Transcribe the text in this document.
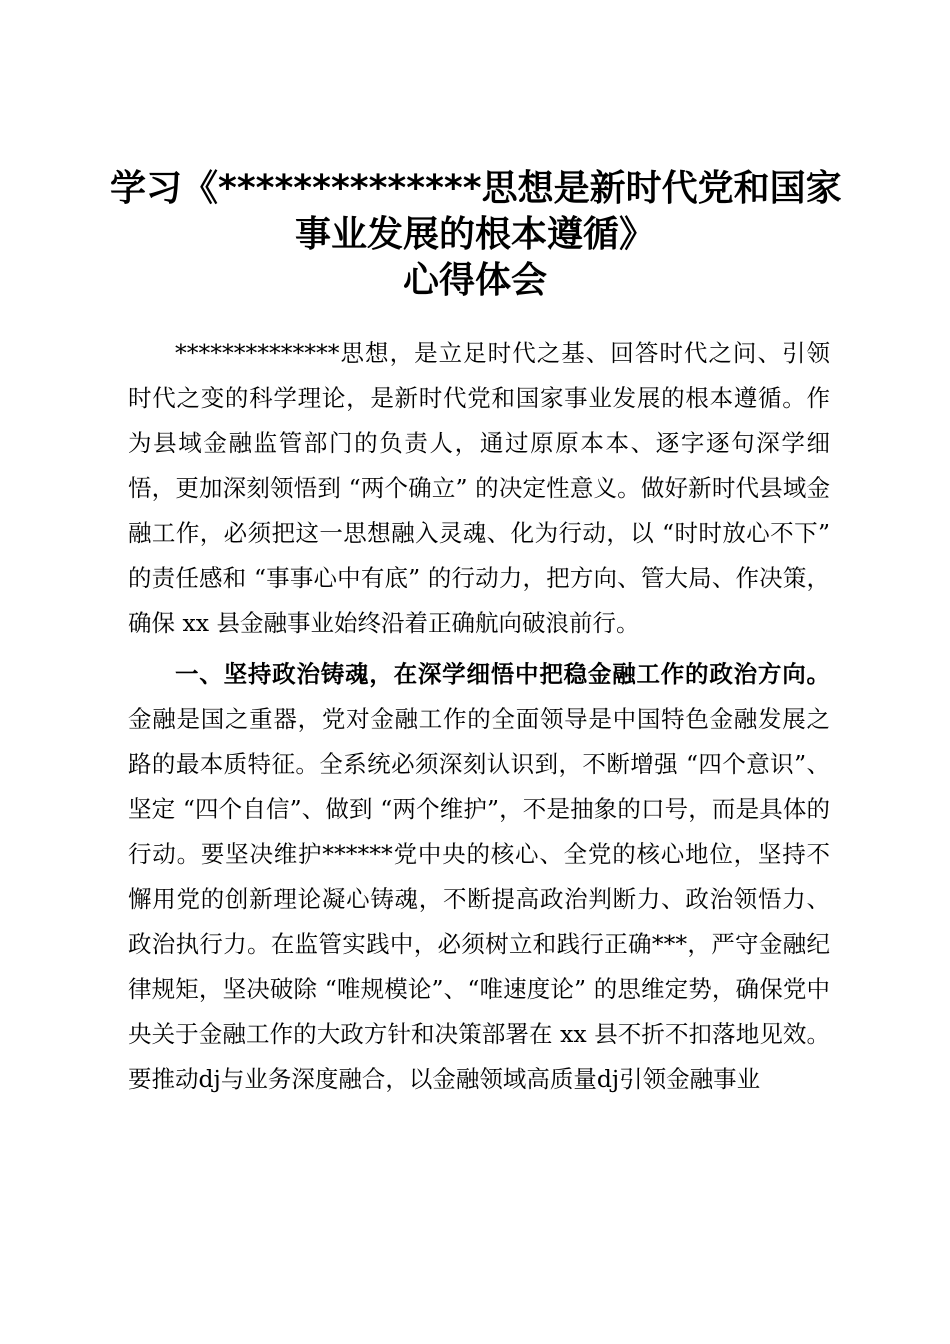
学习《**************思想是新时代党和国家
事业发展的根本遵循》
心得体会

**************思想，是立足时代之基、回答时代之问、引领时代之变的科学理论，是新时代党和国家事业发展的根本遵循。作为县域金融监管部门的负责人，通过原原本本、逐字逐句深学细悟，更加深刻领悟到 “两个确立” 的决定性意义。做好新时代县域金融工作，必须把这一思想融入灵魂、化为行动，以 “时时放心不下” 的责任感和 “事事心中有底” 的行动力，把方向、管大局、作决策，确保 xx 县金融事业始终沿着正确航向破浪前行。

一、坚持政治铸魂，在深学细悟中把稳金融工作的政治方向。金融是国之重器，党对金融工作的全面领导是中国特色金融发展之路的最本质特征。全系统必须深刻认识到，不断增强 “四个意识”、坚定 “四个自信”、做到 “两个维护”，不是抽象的口号，而是具体的行动。要坚决维护******党中央的核心、全党的核心地位，坚持不懈用党的创新理论凝心铸魂，不断提高政治判断力、政治领悟力、政治执行力。在监管实践中，必须树立和践行正确***，严守金融纪律规矩，坚决破除 “唯规模论”、“唯速度论” 的思维定势，确保党中央关于金融工作的大政方针和决策部署在 xx 县不折不扣落地见效。要推动dj与业务深度融合，以金融领域高质量dj引领金融事业
